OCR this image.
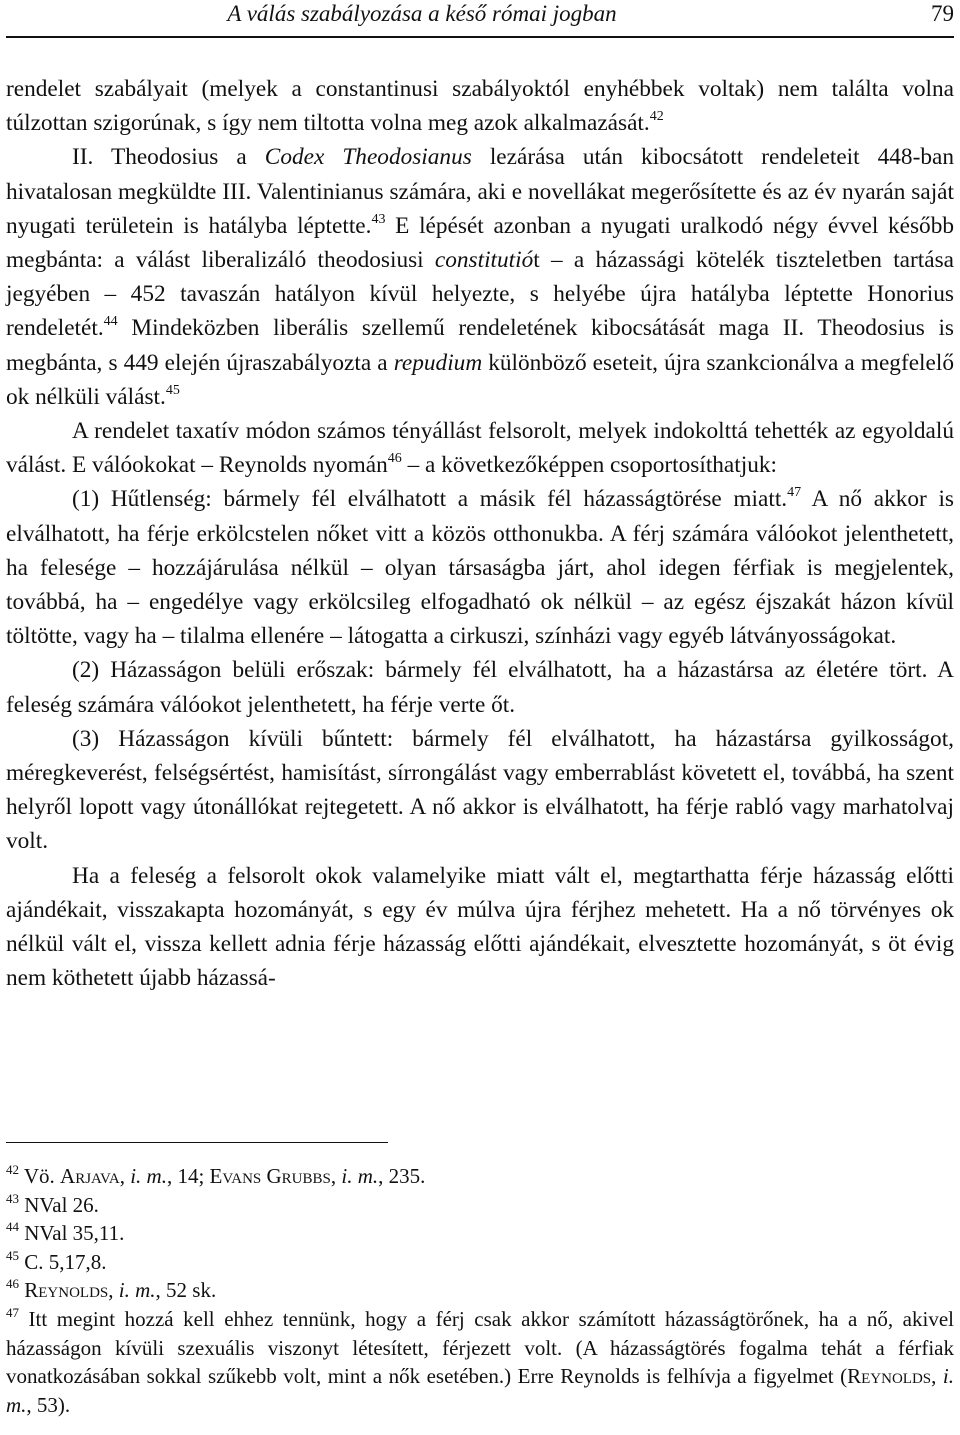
A válás szabályozása a késő római jogban	79

rendelet szabályait (melyek a constantinusi szabályoktól enyhébbek voltak) nem találta volna túlzottan szigorúnak, s így nem tiltotta volna meg azok alkalmazását.$^{42}$

II. Theodosius a Codex Theodosianus lezárása után kibocsátott rendeleteit 448-ban hivatalosan megküldte III. Valentinianus számára, aki e novellákat megerősítette és az év nyarán saját nyugati területein is hatályba léptette.$^{43}$ E lépését azonban a nyugati uralkodó négy évvel később megbánta: a válást liberalizáló theodosiusi constitutiót – a házassági kötelék tiszteletben tartása jegyében – 452 tavaszán hatályon kívül helyezte, s helyébe újra hatályba léptette Honorius rendeletét.$^{44}$ Mindeközben liberális szellemű rendeletének kibocsátását maga II. Theodosius is megbánta, s 449 elején újraszabályozta a repudium különböző eseteit, újra szankcionálva a megfelelő ok nélküli válást.$^{45}$

A rendelet taxatív módon számos tényállást felsorolt, melyek indokolttá tehették az egyoldalú válást. E válóokokat – Reynolds nyomán$^{46}$ – a következőképpen csoportosíthatjuk:

(1) Hűtlenség: bármely fél elválhatott a másik fél házasságtörése miatt.$^{47}$ A nő akkor is elválhatott, ha férje erkölcstelen nőket vitt a közös otthonukba. A férj számára válóokot jelenthetett, ha felesége – hozzájárulása nélkül – olyan társaságba járt, ahol idegen férfiak is megjelentek, továbbá, ha – engedélye vagy erkölcsileg elfogadható ok nélkül – az egész éjszakát házon kívül töltötte, vagy ha – tilalma ellenére – látogatta a cirkuszi, színházi vagy egyéb látványosságokat.

(2) Házasságon belüli erőszak: bármely fél elválhatott, ha a házastársa az életére tört. A feleség számára válóokot jelenthetett, ha férje verte őt.

(3) Házasságon kívüli bűntett: bármely fél elválhatott, ha házastársa gyilkosságot, méregkeverést, felségsértést, hamisítást, sírrongálást vagy emberrablást követett el, továbbá, ha szent helyről lopott vagy útonállókat rejtegetett. A nő akkor is elválhatott, ha férje rabló vagy marhatolvaj volt.

Ha a feleség a felsorolt okok valamelyike miatt vált el, megtarthatta férje házasság előtti ajándékait, visszakapta hozományát, s egy év múlva újra férjhez mehetett. Ha a nő törvényes ok nélkül vált el, vissza kellett adnia férje házasság előtti ajándékait, elvesztette hozományát, s öt évig nem köthetett újabb házassá-

$^{42}$ Vö. Arjava, i. m., 14; Evans Grubbs, i. m., 235.

$^{43}$ NVal 26.

$^{44}$ NVal 35,11.

$^{45}$ C. 5,17,8.

$^{46}$ Reynolds, i. m., 52 sk.

$^{47}$ Itt megint hozzá kell ehhez tennünk, hogy a férj csak akkor számított házasságtörőnek, ha a nő, akivel házasságon kívüli szexuális viszonyt létesített, férjezett volt. (A házasságtörés fogalma tehát a férfiak vonatkozásában sokkal szűkebb volt, mint a nők esetében.) Erre Reynolds is felhívja a figyelmet (Reynolds, i. m., 53).
